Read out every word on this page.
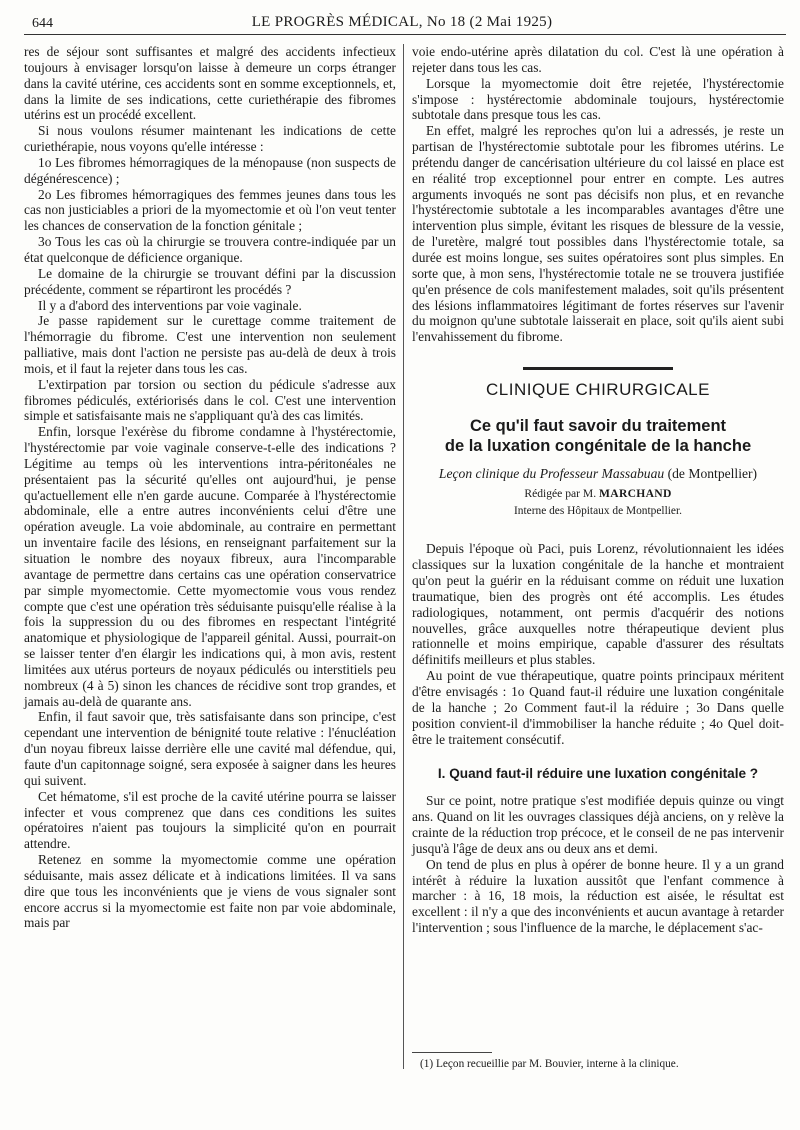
644	LE PROGRÈS MÉDICAL, No 18 (2 Mai 1925)

res de séjour sont suffisantes et malgré des accidents infectieux toujours à envisager lorsqu'on laisse à demeure un corps étranger dans la cavité utérine, ces accidents sont en somme exceptionnels, et, dans la limite de ses indications, cette curiethérapie des fibromes utérins est un procédé excellent.

Si nous voulons résumer maintenant les indications de cette curiethérapie, nous voyons qu'elle intéresse :

1o Les fibromes hémorragiques de la ménopause (non suspects de dégénérescence) ;

2o Les fibromes hémorragiques des femmes jeunes dans tous les cas non justiciables a priori de la myomectomie et où l'on veut tenter les chances de conservation de la fonction génitale ;

3o Tous les cas où la chirurgie se trouvera contre-indiquée par un état quelconque de déficience organique.

Le domaine de la chirurgie se trouvant défini par la discussion précédente, comment se répartiront les procédés ?

Il y a d'abord des interventions par voie vaginale.

Je passe rapidement sur le curettage comme traitement de l'hémorragie du fibrome. C'est une intervention non seulement palliative, mais dont l'action ne persiste pas au-delà de deux à trois mois, et il faut la rejeter dans tous les cas.

L'extirpation par torsion ou section du pédicule s'adresse aux fibromes pédiculés, extériorisés dans le col. C'est une intervention simple et satisfaisante mais ne s'appliquant qu'à des cas limités.

Enfin, lorsque l'exérèse du fibrome condamne à l'hystérectomie, l'hystérectomie par voie vaginale conserve-t-elle des indications ? Légitime au temps où les interventions intra-péritonéales ne présentaient pas la sécurité qu'elles ont aujourd'hui, je pense qu'actuellement elle n'en garde aucune. Comparée à l'hystérectomie abdominale, elle a entre autres inconvénients celui d'être une opération aveugle. La voie abdominale, au contraire en permettant un inventaire facile des lésions, en renseignant parfaitement sur la situation le nombre des noyaux fibreux, aura l'incomparable avantage de permettre dans certains cas une opération conservatrice par simple myomectomie. Cette myomectomie vous vous rendez compte que c'est une opération très séduisante puisqu'elle réalise à la fois la suppression du ou des fibromes en respectant l'intégrité anatomique et physiologique de l'appareil génital. Aussi, pourrait-on se laisser tenter d'en élargir les indications qui, à mon avis, restent limitées aux utérus porteurs de noyaux pédiculés ou interstitiels peu nombreux (4 à 5) sinon les chances de récidive sont trop grandes, et jamais au-delà de quarante ans.

Enfin, il faut savoir que, très satisfaisante dans son principe, c'est cependant une intervention de bénignité toute relative : l'énucléation d'un noyau fibreux laisse derrière elle une cavité mal défendue, qui, faute d'un capitonnage soigné, sera exposée à saigner dans les heures qui suivent.

Cet hématome, s'il est proche de la cavité utérine pourra se laisser infecter et vous comprenez que dans ces conditions les suites opératoires n'aient pas toujours la simplicité qu'on en pourrait attendre.

Retenez en somme la myomectomie comme une opération séduisante, mais assez délicate et à indications limitées. Il va sans dire que tous les inconvénients que je viens de vous signaler sont encore accrus si la myomectomie est faite non par voie abdominale, mais par

voie endo-utérine après dilatation du col. C'est là une opération à rejeter dans tous les cas.

Lorsque la myomectomie doit être rejetée, l'hystérectomie s'impose : hystérectomie abdominale toujours, hystérectomie subtotale dans presque tous les cas.

En effet, malgré les reproches qu'on lui a adressés, je reste un partisan de l'hystérectomie subtotale pour les fibromes utérins. Le prétendu danger de cancérisation ultérieure du col laissé en place est en réalité trop exceptionnel pour entrer en compte. Les autres arguments invoqués ne sont pas décisifs non plus, et en revanche l'hystérectomie subtotale a les incomparables avantages d'être une intervention plus simple, évitant les risques de blessure de la vessie, de l'uretère, malgré tout possibles dans l'hystérectomie totale, sa durée est moins longue, ses suites opératoires sont plus simples. En sorte que, à mon sens, l'hystérectomie totale ne se trouvera justifiée qu'en présence de cols manifestement malades, soit qu'ils présentent des lésions inflammatoires légitimant de fortes réserves sur l'avenir du moignon qu'une subtotale laisserait en place, soit qu'ils aient subi l'envahissement du fibrome.

CLINIQUE CHIRURGICALE
Ce qu'il faut savoir du traitement
de la luxation congénitale de la hanche
Leçon clinique du Professeur Massabuau (de Montpellier)
Rédigée par M. MARCHAND
Interne des Hôpitaux de Montpellier.

Depuis l'époque où Paci, puis Lorenz, révolutionnaient les idées classiques sur la luxation congénitale de la hanche et montraient qu'on peut la guérir en la réduisant comme on réduit une luxation traumatique, bien des progrès ont été accomplis. Les études radiologiques, notamment, ont permis d'acquérir des notions nouvelles, grâce auxquelles notre thérapeutique devient plus rationnelle et moins empirique, capable d'assurer des résultats définitifs meilleurs et plus stables.

Au point de vue thérapeutique, quatre points principaux méritent d'être envisagés : 1o Quand faut-il réduire une luxation congénitale de la hanche ; 2o Comment faut-il la réduire ; 3o Dans quelle position convient-il d'immobiliser la hanche réduite ; 4o Quel doit-être le traitement consécutif.

I. Quand faut-il réduire une luxation congénitale ?

Sur ce point, notre pratique s'est modifiée depuis quinze ou vingt ans. Quand on lit les ouvrages classiques déjà anciens, on y relève la crainte de la réduction trop précoce, et le conseil de ne pas intervenir jusqu'à l'âge de deux ans ou deux ans et demi.

On tend de plus en plus à opérer de bonne heure. Il y a un grand intérêt à réduire la luxation aussitôt que l'enfant commence à marcher : à 16, 18 mois, la réduction est aisée, le résultat est excellent : il n'y a que des inconvénients et aucun avantage à retarder l'intervention ; sous l'influence de la marche, le déplacement s'ac-

(1) Leçon recueillie par M. Bouvier, interne à la clinique.
